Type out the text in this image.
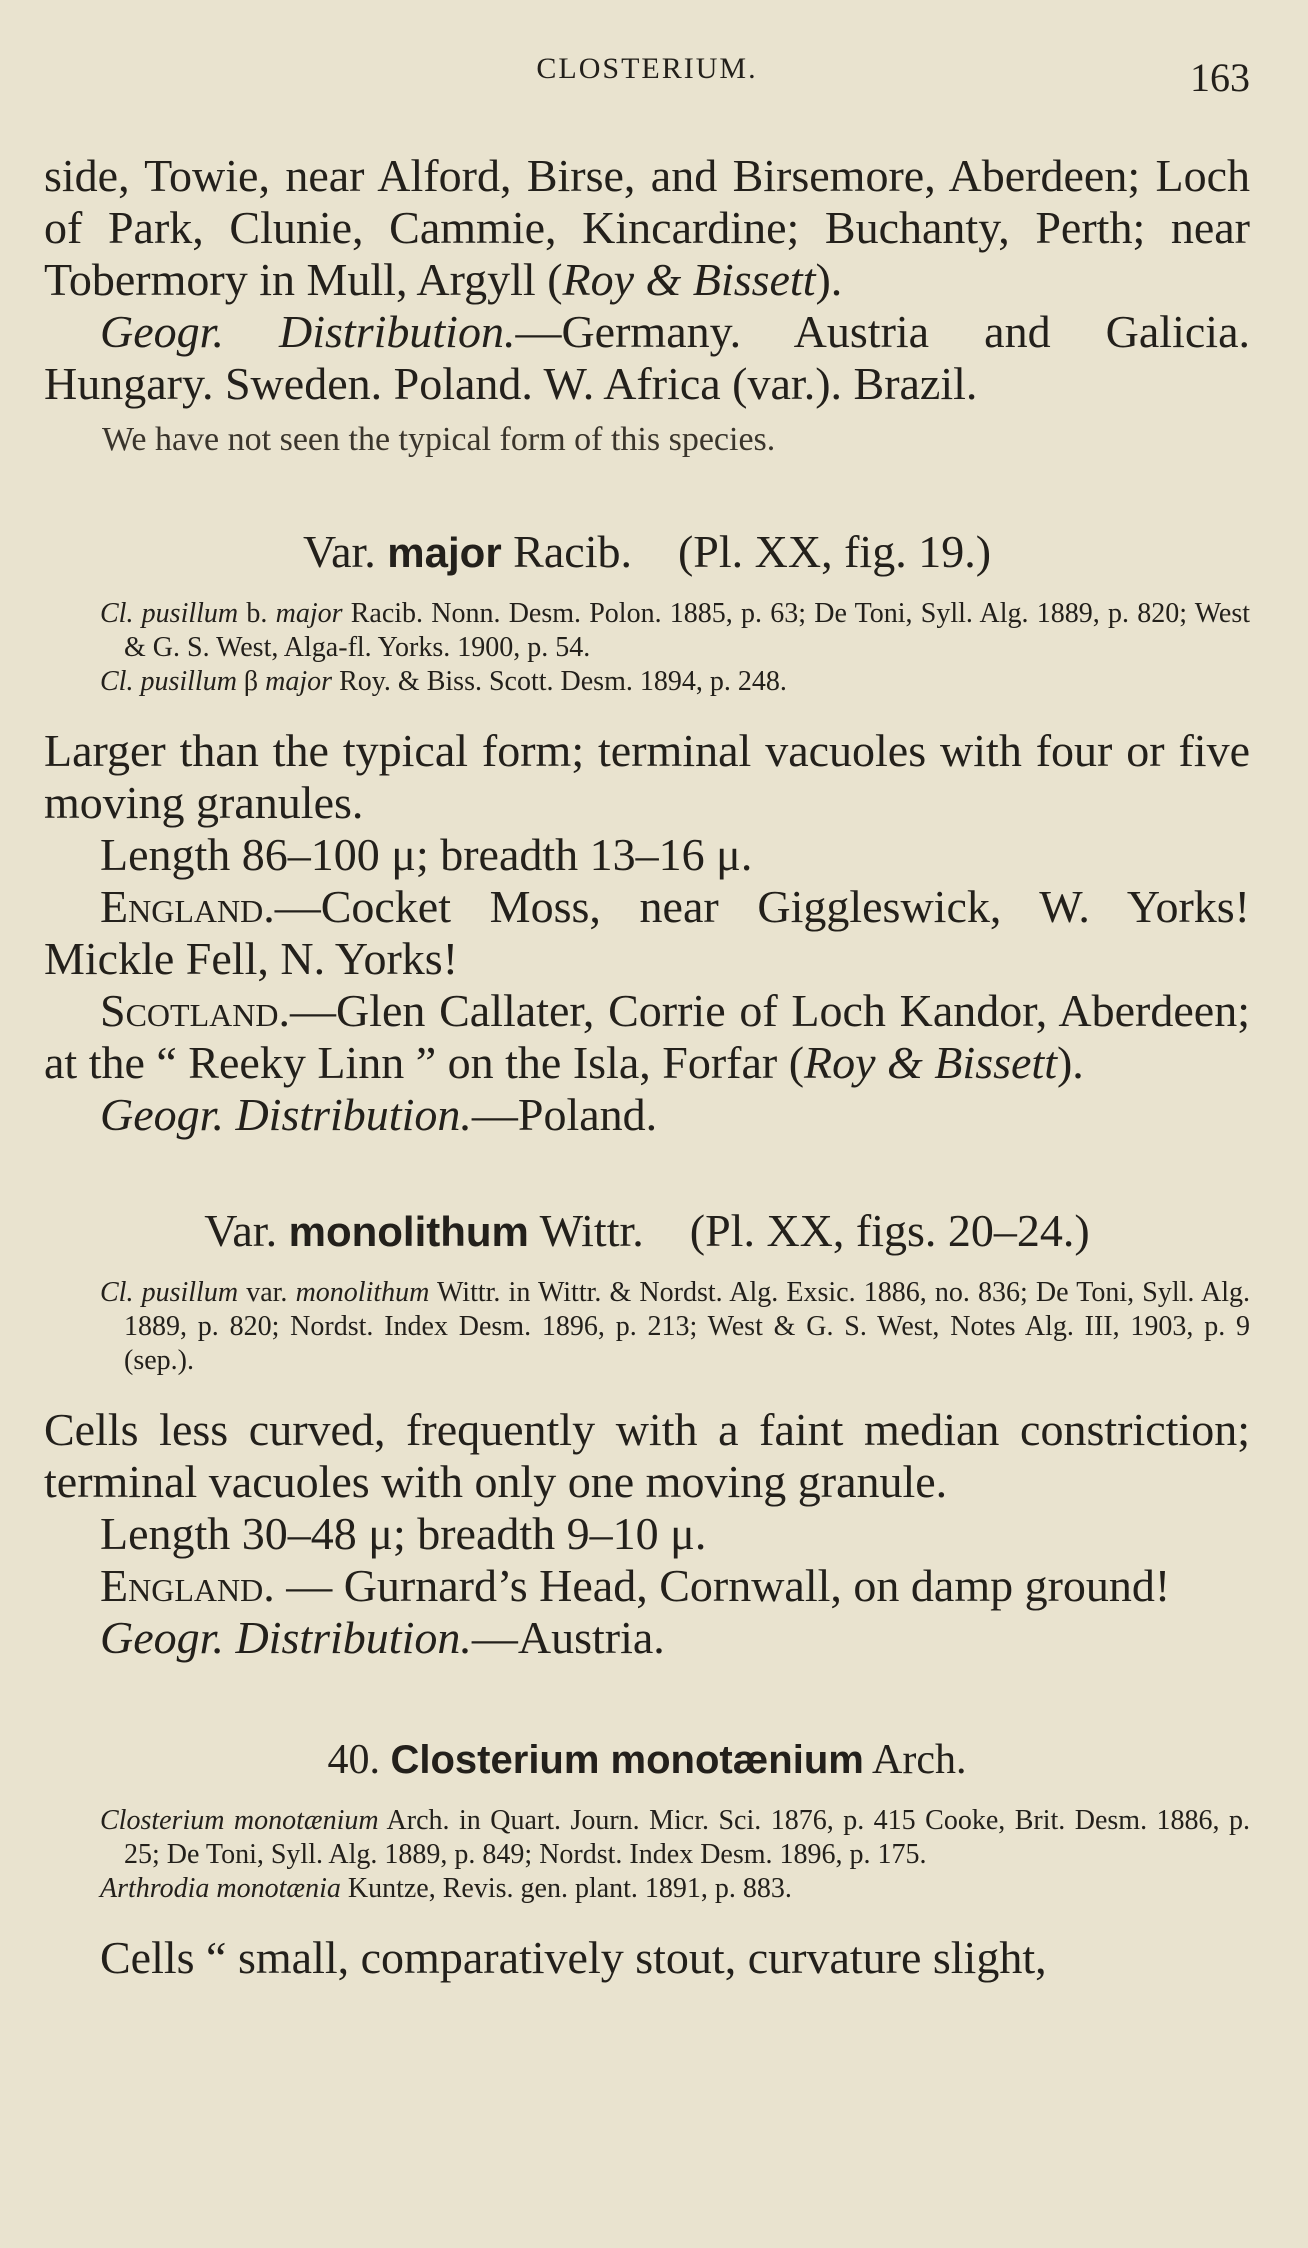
CLOSTERIUM.	163

side, Towie, near Alford, Birse, and Birsemore, Aberdeen; Loch of Park, Clunie, Cammie, Kincardine; Buchanty, Perth; near Tobermory in Mull, Argyll (Roy & Bissett).

Geogr. Distribution.—Germany. Austria and Galicia. Hungary. Sweden. Poland. W. Africa (var.). Brazil.

We have not seen the typical form of this species.

Var. major Racib. (Pl. XX, fig. 19.)
Cl. pusillum b. major Racib. Nonn. Desm. Polon. 1885, p. 63; De Toni, Syll. Alg. 1889, p. 820; West & G. S. West, Alga-fl. Yorks. 1900, p. 54.
Cl. pusillum β major Roy. & Biss. Scott. Desm. 1894, p. 248.

Larger than the typical form; terminal vacuoles with four or five moving granules.

Length 86–100 μ; breadth 13–16 μ.

England.—Cocket Moss, near Giggleswick, W. Yorks! Mickle Fell, N. Yorks!

Scotland.—Glen Callater, Corrie of Loch Kandor, Aberdeen; at the “ Reeky Linn ” on the Isla, Forfar (Roy & Bissett).

Geogr. Distribution.—Poland.

Var. monolithum Wittr. (Pl. XX, figs. 20–24.)
Cl. pusillum var. monolithum Wittr. in Wittr. & Nordst. Alg. Exsic. 1886, no. 836; De Toni, Syll. Alg. 1889, p. 820; Nordst. Index Desm. 1896, p. 213; West & G. S. West, Notes Alg. III, 1903, p. 9 (sep.).

Cells less curved, frequently with a faint median constriction; terminal vacuoles with only one moving granule.

Length 30–48 μ; breadth 9–10 μ.

England. — Gurnard’s Head, Cornwall, on damp ground!

Geogr. Distribution.—Austria.

40. Closterium monotænium Arch.
Closterium monotænium Arch. in Quart. Journ. Micr. Sci. 1876, p. 415 Cooke, Brit. Desm. 1886, p. 25; De Toni, Syll. Alg. 1889, p. 849; Nordst. Index Desm. 1896, p. 175.
Arthrodia monotænia Kuntze, Revis. gen. plant. 1891, p. 883.

Cells “ small, comparatively stout, curvature slight,
